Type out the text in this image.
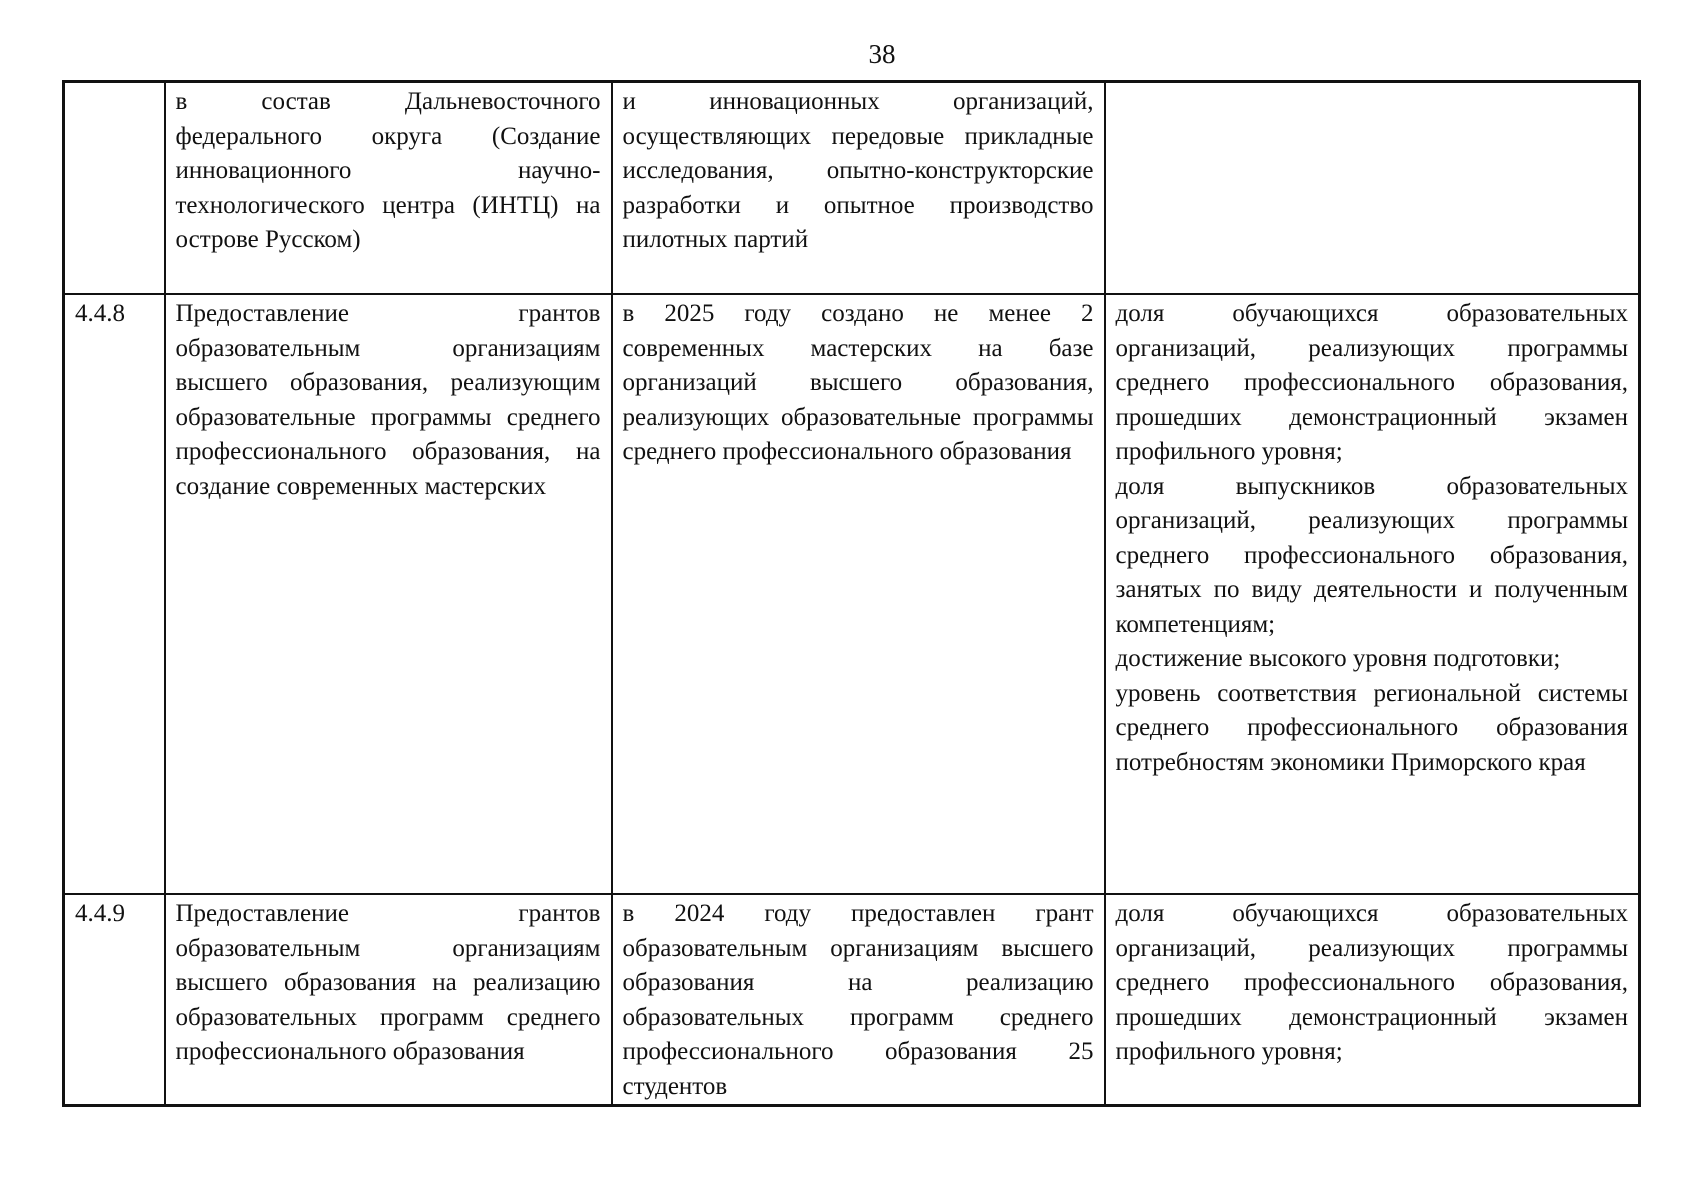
38
	в состав Дальневосточного федерального округа (Создание инновационного научно-технологического центра (ИНТЦ) на острове Русском)	и инновационных организаций, осуществляющих передовые прикладные исследования, опытно-конструкторские разработки и опытное производство пилотных партий	
4.4.8	Предоставление грантов образовательным организациям высшего образования, реализующим образовательные программы среднего профессионального образования, на создание современных мастерских	в 2025 году создано не менее 2 современных мастерских на базе организаций высшего образования, реализующих образовательные программы среднего профессионального образования	доля обучающихся образовательных организаций, реализующих программы среднего профессионального образования, прошедших демонстрационный экзамен профильного уровня;
доля выпускников образовательных организаций, реализующих программы среднего профессионального образования, занятых по виду деятельности и полученным компетенциям;
достижение высокого уровня подготовки;
уровень соответствия региональной системы среднего профессионального образования потребностям экономики Приморского края

4.4.9	Предоставление грантов образовательным организациям высшего образования на реализацию образовательных программ среднего профессионального образования	в 2024 году предоставлен грант образовательным организациям высшего образования на реализацию образовательных программ среднего профессионального образования 25 студентов	доля обучающихся образовательных организаций, реализующих программы среднего профессионального образования, прошедших демонстрационный экзамен профильного уровня;
